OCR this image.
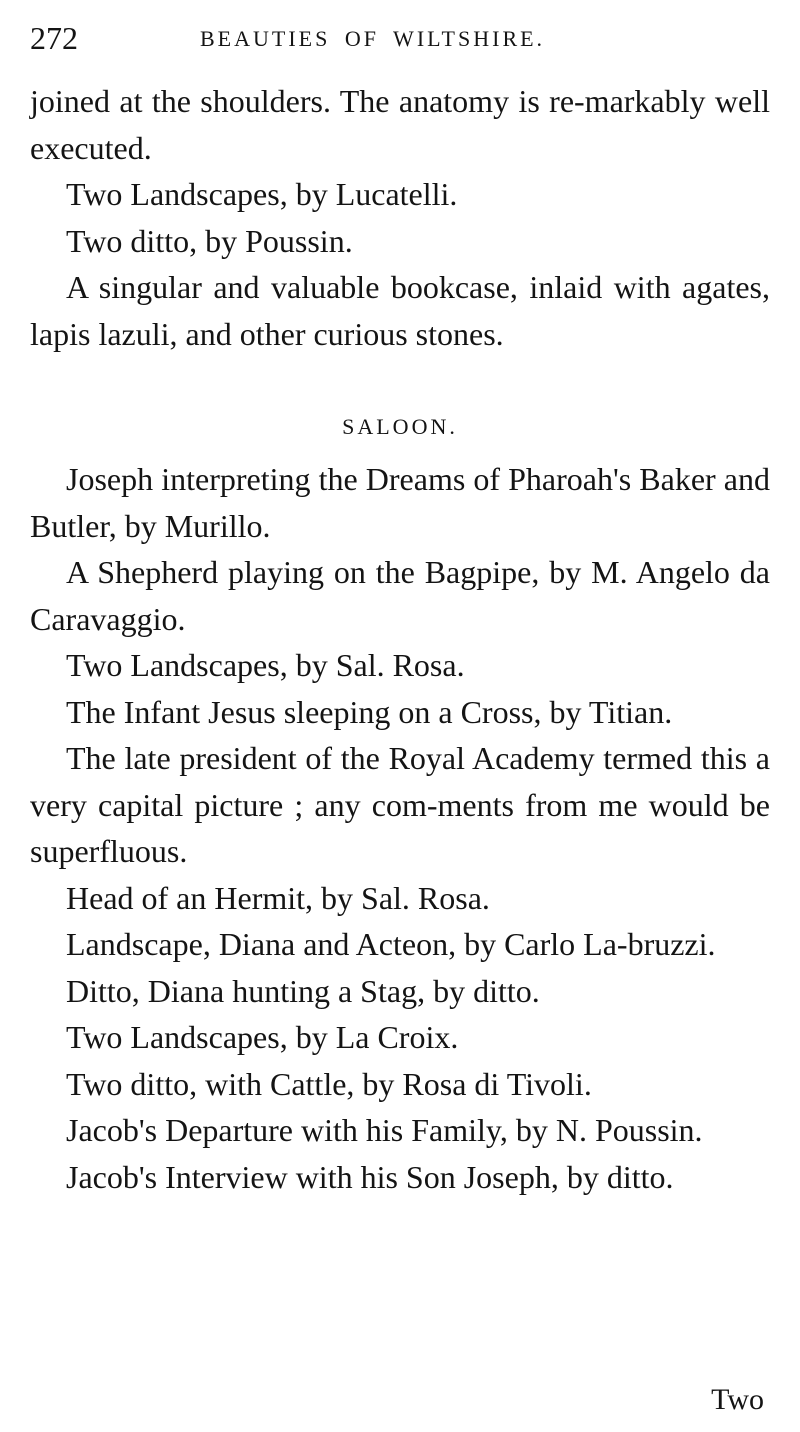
272	BEAUTIES OF WILTSHIRE.

joined at the shoulders. The anatomy is re-markably well executed.

Two Landscapes, by Lucatelli.

Two ditto, by Poussin.

A singular and valuable bookcase, inlaid with agates, lapis lazuli, and other curious stones.

SALOON.

Joseph interpreting the Dreams of Pharoah's Baker and Butler, by Murillo.

A Shepherd playing on the Bagpipe, by M. Angelo da Caravaggio.

Two Landscapes, by Sal. Rosa.

The Infant Jesus sleeping on a Cross, by Titian.

The late president of the Royal Academy termed this a very capital picture ; any com-ments from me would be superfluous.

Head of an Hermit, by Sal. Rosa.

Landscape, Diana and Acteon, by Carlo La-bruzzi.

Ditto, Diana hunting a Stag, by ditto.

Two Landscapes, by La Croix.

Two ditto, with Cattle, by Rosa di Tivoli.

Jacob's Departure with his Family, by N. Poussin.

Jacob's Interview with his Son Joseph, by ditto.

Two
